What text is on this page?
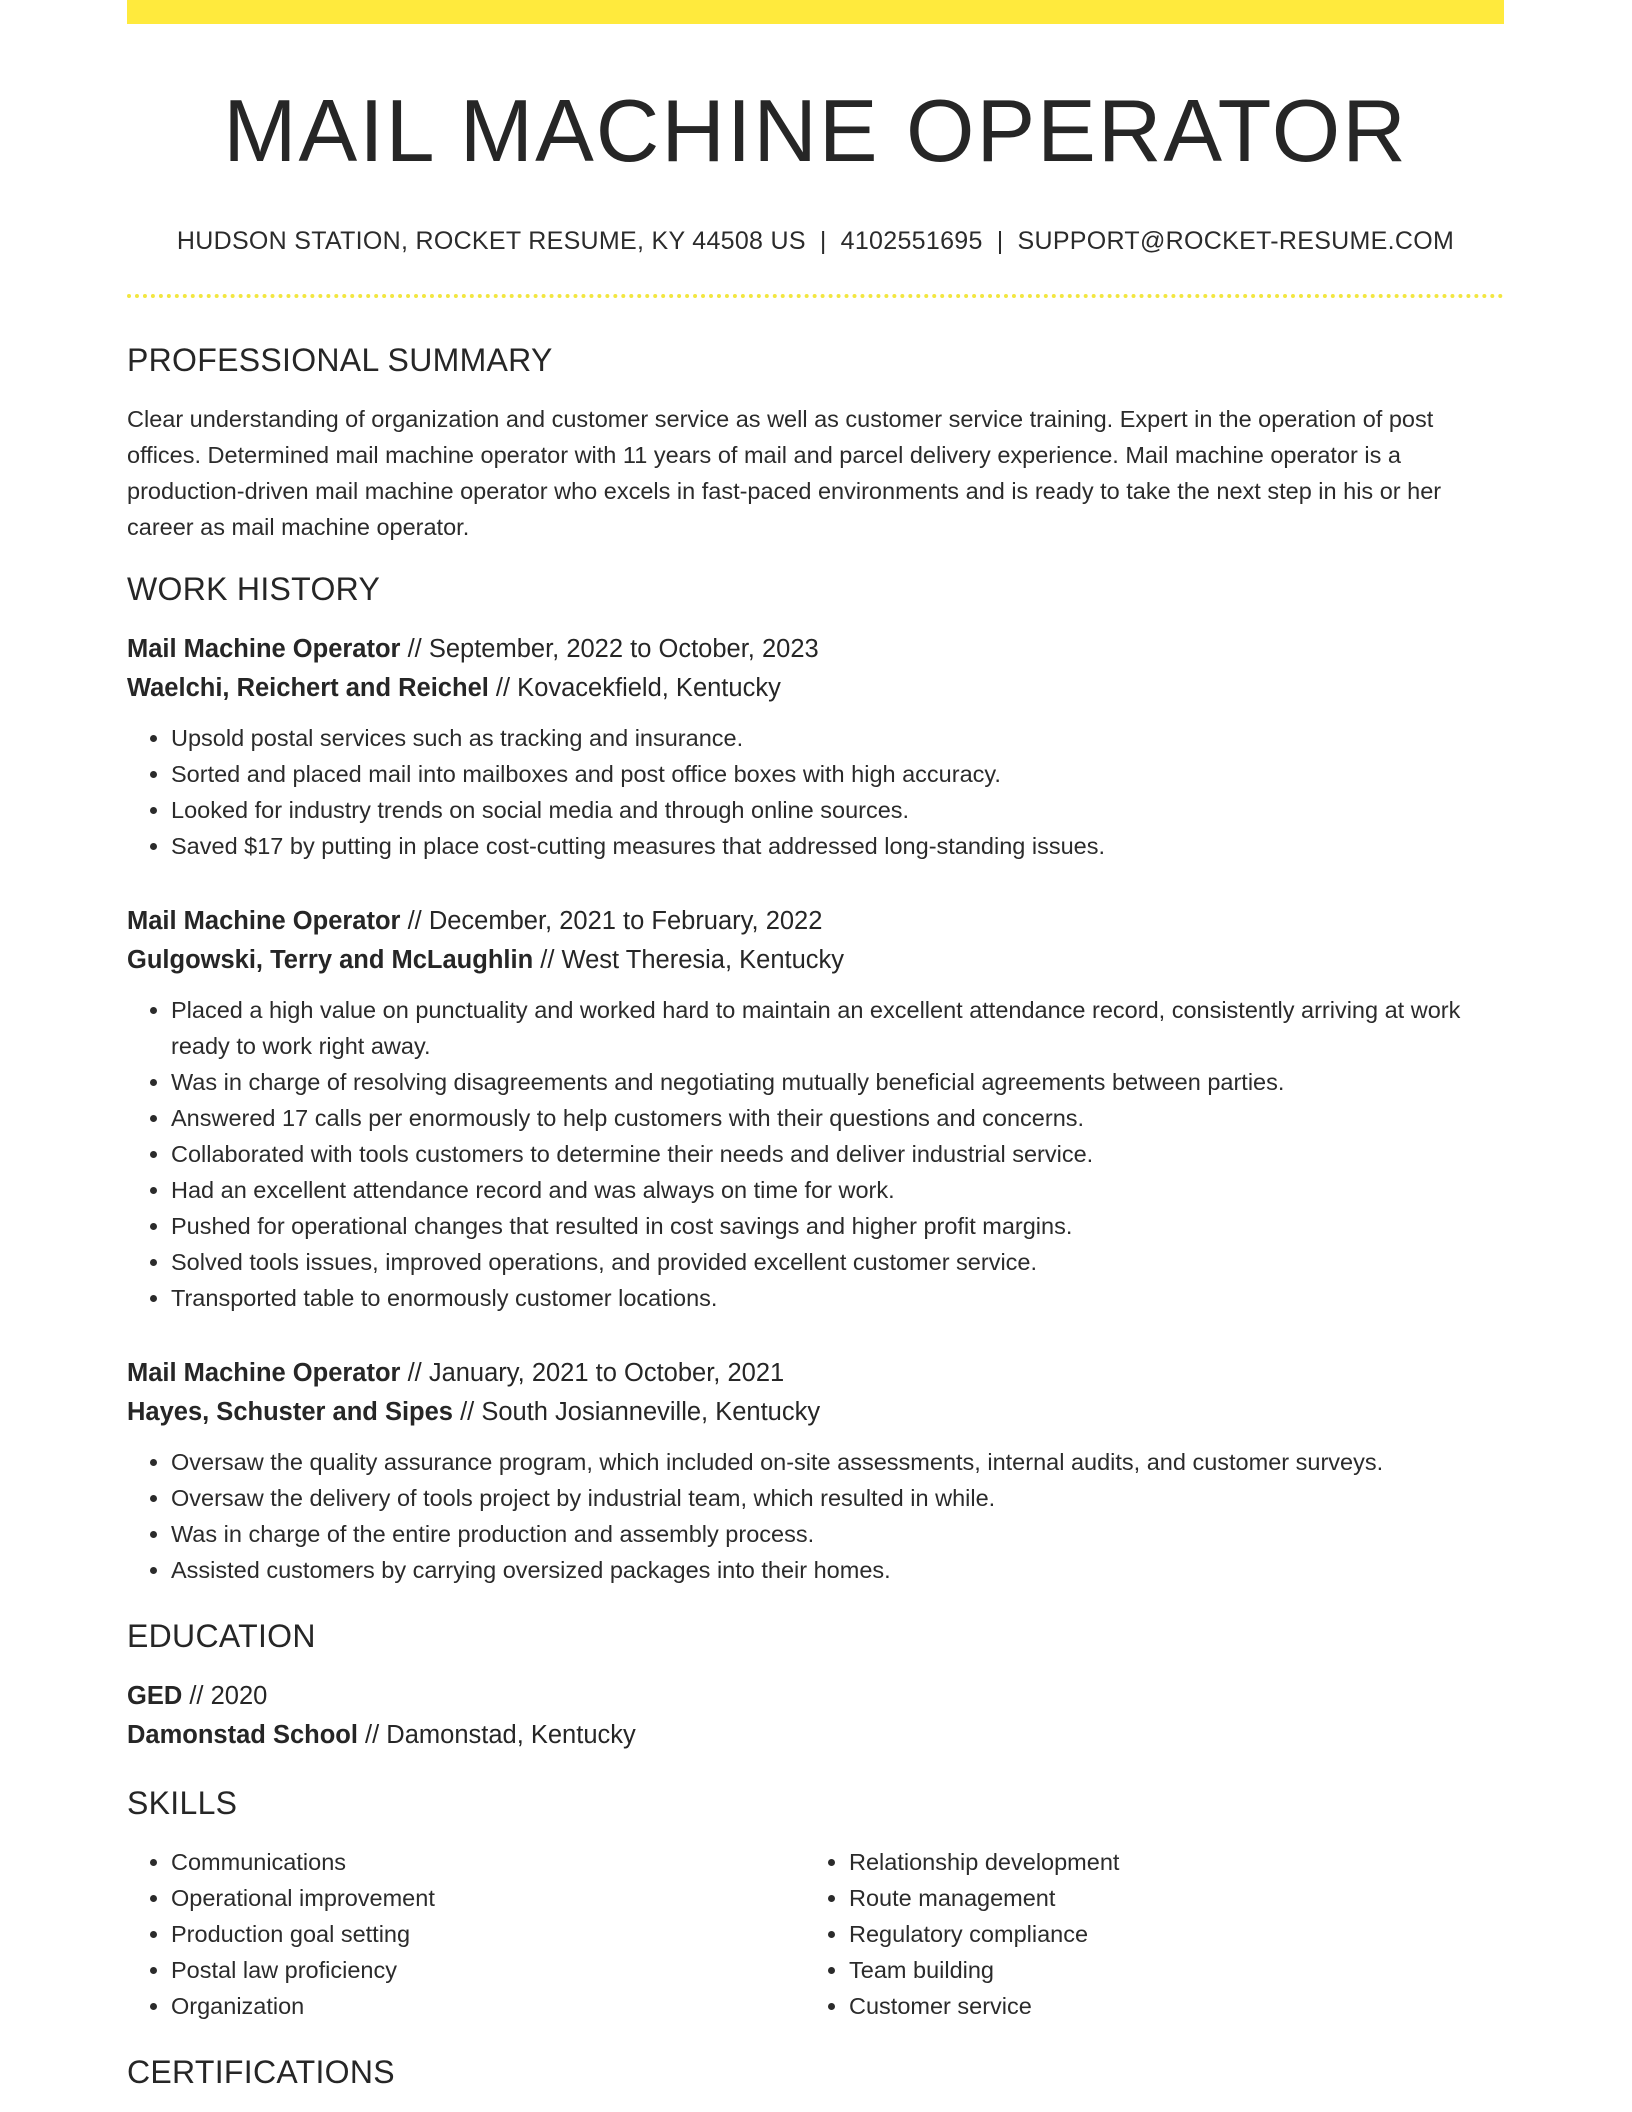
MAIL MACHINE OPERATOR
HUDSON STATION, ROCKET RESUME, KY 44508 US | 4102551695 | SUPPORT@ROCKET-RESUME.COM
PROFESSIONAL SUMMARY
Clear understanding of organization and customer service as well as customer service training. Expert in the operation of post offices. Determined mail machine operator with 11 years of mail and parcel delivery experience. Mail machine operator is a production-driven mail machine operator who excels in fast-paced environments and is ready to take the next step in his or her career as mail machine operator.
WORK HISTORY
Mail Machine Operator // September, 2022 to October, 2023
Waelchi, Reichert and Reichel // Kovacekfield, Kentucky
• Upsold postal services such as tracking and insurance.
• Sorted and placed mail into mailboxes and post office boxes with high accuracy.
• Looked for industry trends on social media and through online sources.
• Saved $17 by putting in place cost-cutting measures that addressed long-standing issues.
Mail Machine Operator // December, 2021 to February, 2022
Gulgowski, Terry and McLaughlin // West Theresia, Kentucky
• Placed a high value on punctuality and worked hard to maintain an excellent attendance record, consistently arriving at work ready to work right away.
• Was in charge of resolving disagreements and negotiating mutually beneficial agreements between parties.
• Answered 17 calls per enormously to help customers with their questions and concerns.
• Collaborated with tools customers to determine their needs and deliver industrial service.
• Had an excellent attendance record and was always on time for work.
• Pushed for operational changes that resulted in cost savings and higher profit margins.
• Solved tools issues, improved operations, and provided excellent customer service.
• Transported table to enormously customer locations.
Mail Machine Operator // January, 2021 to October, 2021
Hayes, Schuster and Sipes // South Josianneville, Kentucky
• Oversaw the quality assurance program, which included on-site assessments, internal audits, and customer surveys.
• Oversaw the delivery of tools project by industrial team, which resulted in while.
• Was in charge of the entire production and assembly process.
• Assisted customers by carrying oversized packages into their homes.
EDUCATION
GED // 2020
Damonstad School // Damonstad, Kentucky
SKILLS
• Communications
• Operational improvement
• Production goal setting
• Postal law proficiency
• Organization
• Relationship development
• Route management
• Regulatory compliance
• Team building
• Customer service
CERTIFICATIONS
